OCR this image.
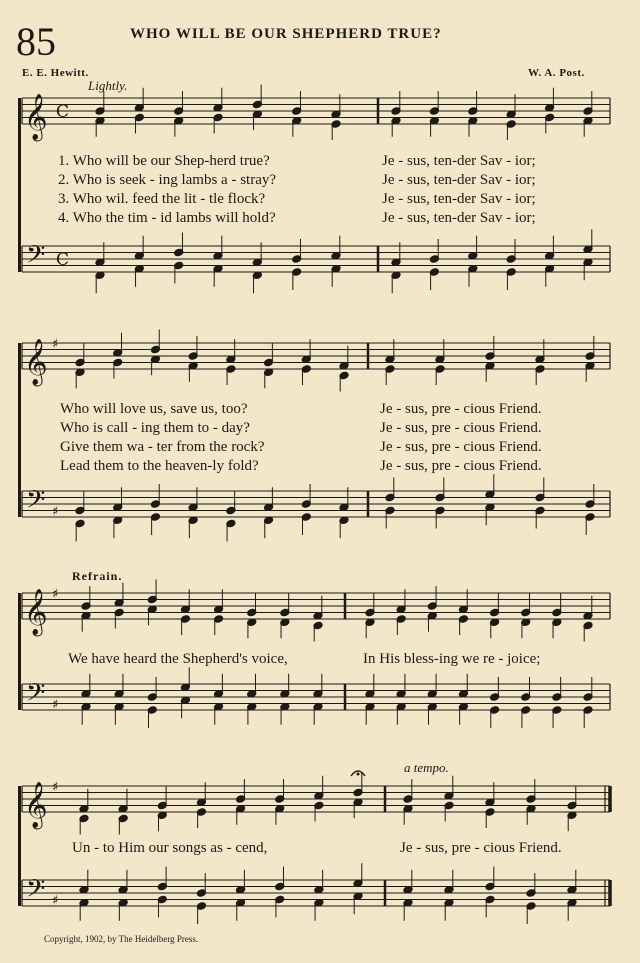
85	WHO WILL BE OUR SHEPHERD TRUE?
E. E. Hewitt.	W. A. Post.
Lightly.
Refrain.
a tempo.
1. Who will be our Shep-herd true?
2. Who is seek - ing lambs a - stray?
3. Who wil. feed the lit - tle flock?
4. Who the tim - id lambs will hold?
Je - sus, ten-der Sav - ior;
Je - sus, ten-der Sav - ior;
Je - sus, ten-der Sav - ior;
Je - sus, ten-der Sav - ior;
Who will love us, save us, too?
Who is call - ing them to - day?
Give them wa - ter from the rock?
Lead them to the heaven-ly fold?
Je - sus, pre - cious Friend.
Je - sus, pre - cious Friend.
Je - sus, pre - cious Friend.
Je - sus, pre - cious Friend.
We have heard the Shepherd's voice,	In His bless-ing we re - joice;
Un - to Him our songs as - cend,	Je - sus, pre - cious Friend.
Copyright, 1902, by The Heidelberg Press.
𝄞
𝄢
C
C
𝄞
𝄢
♯
♯
𝄞
𝄢
♯
♯
𝄞
𝄢
♯
♯
